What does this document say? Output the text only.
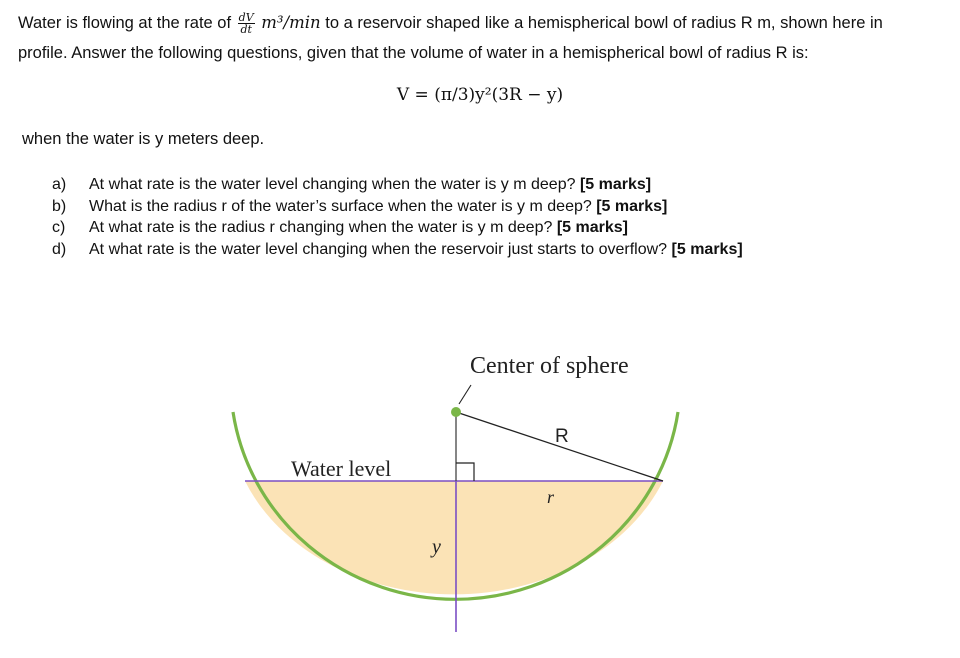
Water is flowing at the rate of $\frac{dV}{dt} m^3/\min$ to a reservoir shaped like a hemispherical bowl of radius R m, shown here in
profile. Answer the following questions, given that the volume of water in a hemispherical bowl of radius R is:
V = (π/3)y²(3R − y)
when the water is y meters deep.
a) At what rate is the water level changing when the water is y m deep? [5 marks]
b) What is the radius r of the water’s surface when the water is y m deep? [5 marks]
c) At what rate is the radius r changing when the water is y m deep? [5 marks]
d) At what rate is the water level changing when the reservoir just starts to overflow? [5 marks]
Center of sphere
Water level
R
r
y
